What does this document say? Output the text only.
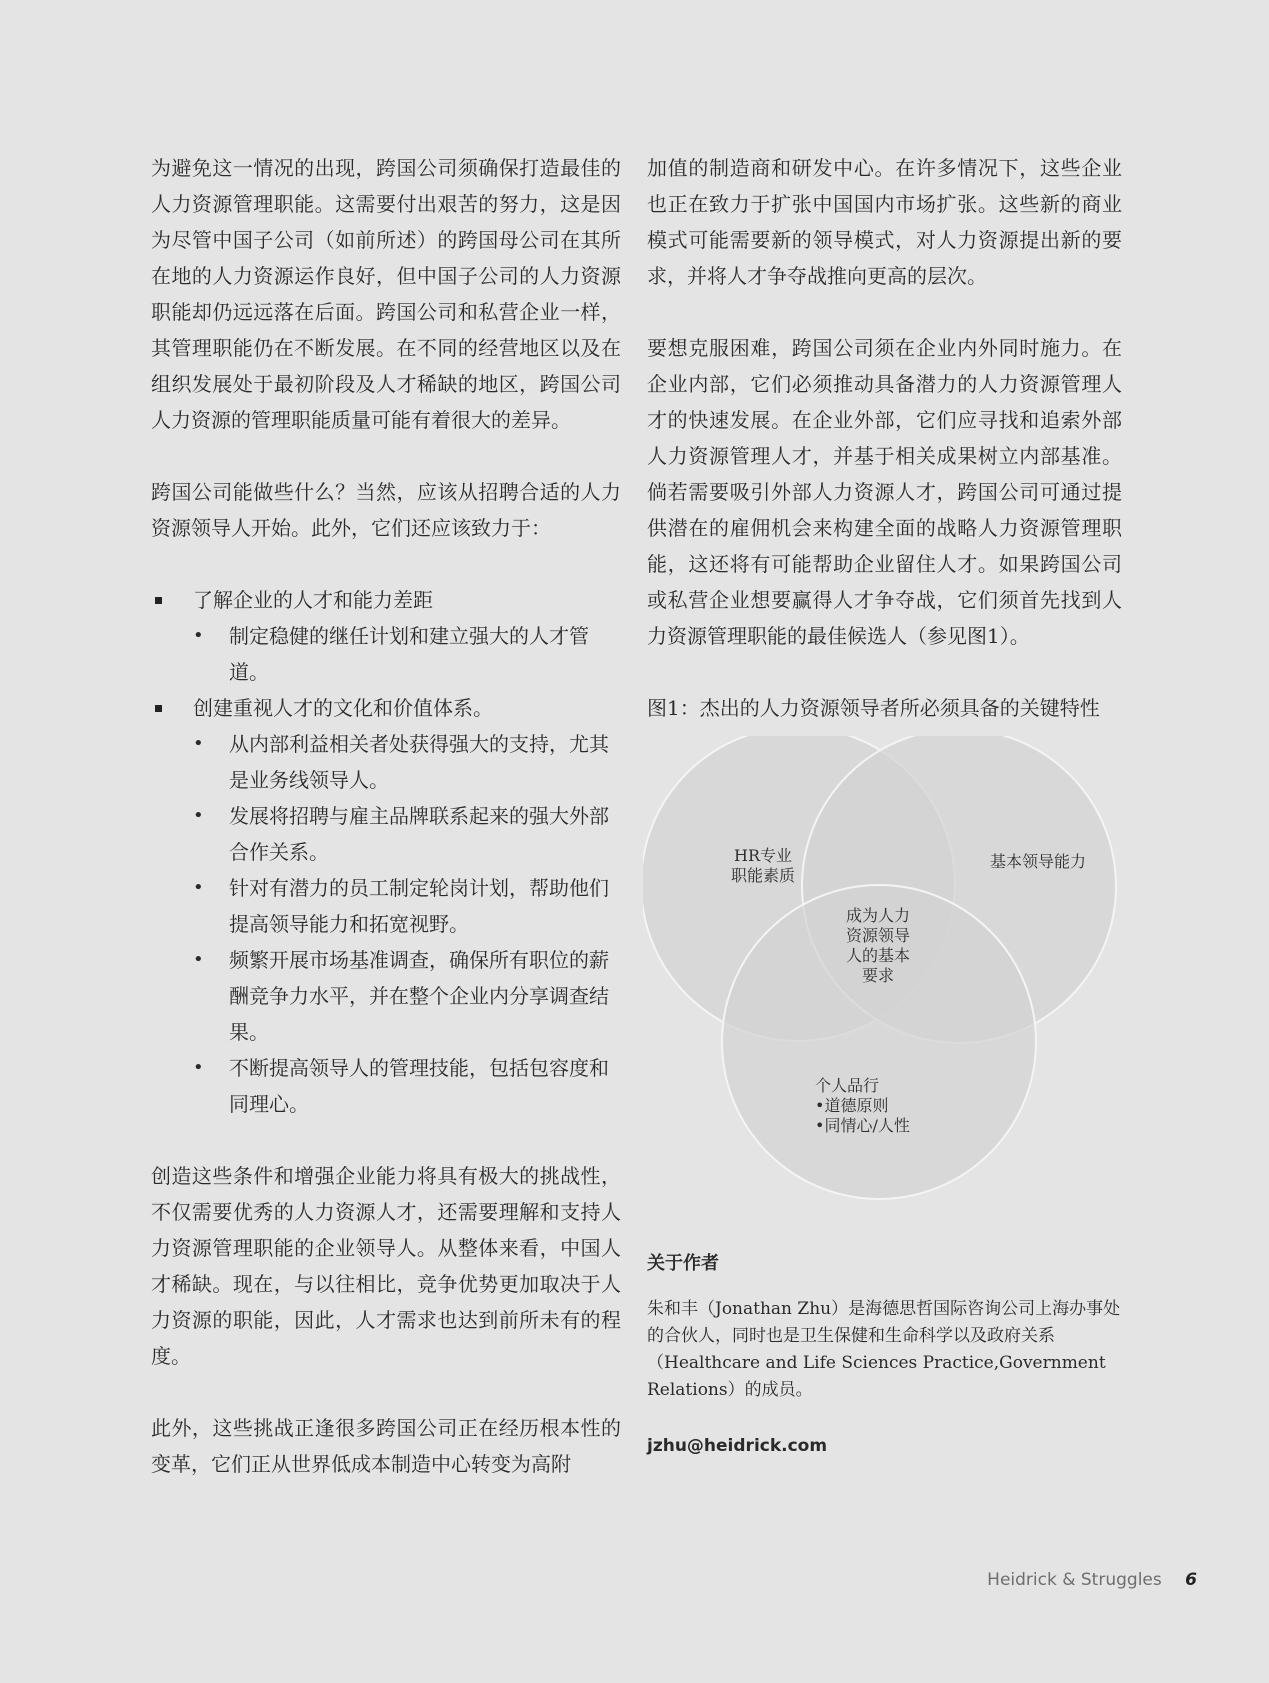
为避免这一情况的出现，跨国公司须确保打造最佳的人力资源管理职能。这需要付出艰苦的努力，这是因为尽管中国子公司（如前所述）的跨国母公司在其所在地的人力资源运作良好，但中国子公司的人力资源职能却仍远远落在后面。跨国公司和私营企业一样，其管理职能仍在不断发展。在不同的经营地区以及在组织发展处于最初阶段及人才稀缺的地区，跨国公司人力资源的管理职能质量可能有着很大的差异。

跨国公司能做些什么？当然，应该从招聘合适的人力资源领导人开始。此外，它们还应该致力于：

了解企业的人才和能力差距
• 制定稳健的继任计划和建立强大的人才管道。
创建重视人才的文化和价值体系。
• 从内部利益相关者处获得强大的支持，尤其是业务线领导人。
• 发展将招聘与雇主品牌联系起来的强大外部合作关系。
• 针对有潜力的员工制定轮岗计划，帮助他们提高领导能力和拓宽视野。
• 频繁开展市场基准调查，确保所有职位的薪酬竞争力水平，并在整个企业内分享调查结果。
• 不断提高领导人的管理技能，包括包容度和同理心。

创造这些条件和增强企业能力将具有极大的挑战性，不仅需要优秀的人力资源人才，还需要理解和支持人力资源管理职能的企业领导人。从整体来看，中国人才稀缺。现在，与以往相比，竞争优势更加取决于人力资源的职能，因此，人才需求也达到前所未有的程度。

此外，这些挑战正逢很多跨国公司正在经历根本性的变革，它们正从世界低成本制造中心转变为高附

加值的制造商和研发中心。在许多情况下，这些企业也正在致力于扩张中国国内市场扩张。这些新的商业模式可能需要新的领导模式，对人力资源提出新的要求，并将人才争夺战推向更高的层次。

要想克服困难，跨国公司须在企业内外同时施力。在企业内部，它们必须推动具备潜力的人力资源管理人才的快速发展。在企业外部，它们应寻找和追索外部人力资源管理人才，并基于相关成果树立内部基准。倘若需要吸引外部人力资源人才，跨国公司可通过提供潜在的雇佣机会来构建全面的战略人力资源管理职能，这还将有可能帮助企业留住人才。如果跨国公司或私营企业想要赢得人才争夺战，它们须首先找到人力资源管理职能的最佳候选人（参见图1）。

图1：杰出的人力资源领导者所必须具备的关键特性

HR专业
职能素质
基本领导能力
成为人力
资源领导
人的基本
要求
个人品行
•道德原则
•同情心/人性
关于作者

朱和丰（Jonathan Zhu）是海德思哲国际咨询公司上海办事处的合伙人，同时也是卫生保健和生命科学以及政府关系（Healthcare and Life Sciences Practice,Government Relations）的成员。

jzhu@heidrick.com
Heidrick & Struggles 6
